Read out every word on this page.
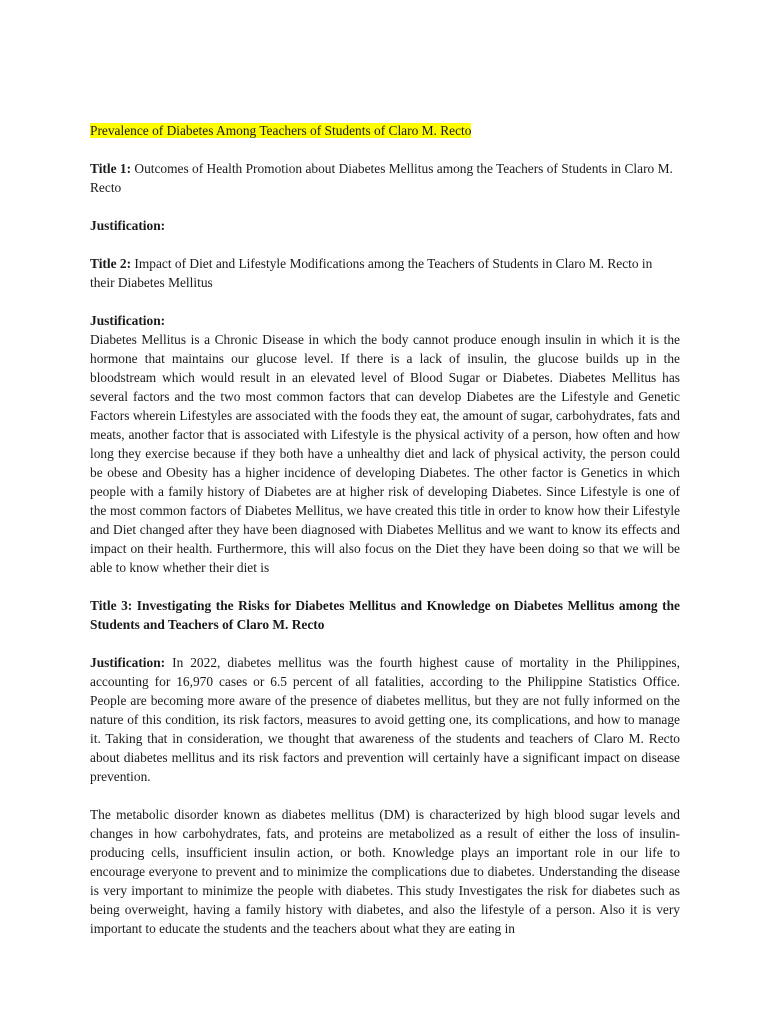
Prevalence of Diabetes Among Teachers of Students of Claro M. Recto

Title 1: Outcomes of Health Promotion about Diabetes Mellitus among the Teachers of Students in Claro M. Recto

Justification:

Title 2: Impact of Diet and Lifestyle Modifications among the Teachers of Students in Claro M. Recto in their Diabetes Mellitus

Justification:

Diabetes Mellitus is a Chronic Disease in which the body cannot produce enough insulin in which it is the hormone that maintains our glucose level. If there is a lack of insulin, the glucose builds up in the bloodstream which would result in an elevated level of Blood Sugar or Diabetes. Diabetes Mellitus has several factors and the two most common factors that can develop Diabetes are the Lifestyle and Genetic Factors wherein Lifestyles are associated with the foods they eat, the amount of sugar, carbohydrates, fats and meats, another factor that is associated with Lifestyle is the physical activity of a person, how often and how long they exercise because if they both have a unhealthy diet and lack of physical activity, the person could be obese and Obesity has a higher incidence of developing Diabetes. The other factor is Genetics in which people with a family history of Diabetes are at higher risk of developing Diabetes. Since Lifestyle is one of the most common factors of Diabetes Mellitus, we have created this title in order to know how their Lifestyle and Diet changed after they have been diagnosed with Diabetes Mellitus and we want to know its effects and impact on their health. Furthermore, this will also focus on the Diet they have been doing so that we will be able to know whether their diet is

Title 3: Investigating the Risks for Diabetes Mellitus and Knowledge on Diabetes Mellitus among the Students and Teachers of Claro M. Recto

Justification: In 2022, diabetes mellitus was the fourth highest cause of mortality in the Philippines, accounting for 16,970 cases or 6.5 percent of all fatalities, according to the Philippine Statistics Office. People are becoming more aware of the presence of diabetes mellitus, but they are not fully informed on the nature of this condition, its risk factors, measures to avoid getting one, its complications, and how to manage it. Taking that in consideration, we thought that awareness of the students and teachers of Claro M. Recto about diabetes mellitus and its risk factors and prevention will certainly have a significant impact on disease prevention.

The metabolic disorder known as diabetes mellitus (DM) is characterized by high blood sugar levels and changes in how carbohydrates, fats, and proteins are metabolized as a result of either the loss of insulin-producing cells, insufficient insulin action, or both. Knowledge plays an important role in our life to encourage everyone to prevent and to minimize the complications due to diabetes. Understanding the disease is very important to minimize the people with diabetes. This study Investigates the risk for diabetes such as being overweight, having a family history with diabetes, and also the lifestyle of a person. Also it is very important to educate the students and the teachers about what they are eating in
